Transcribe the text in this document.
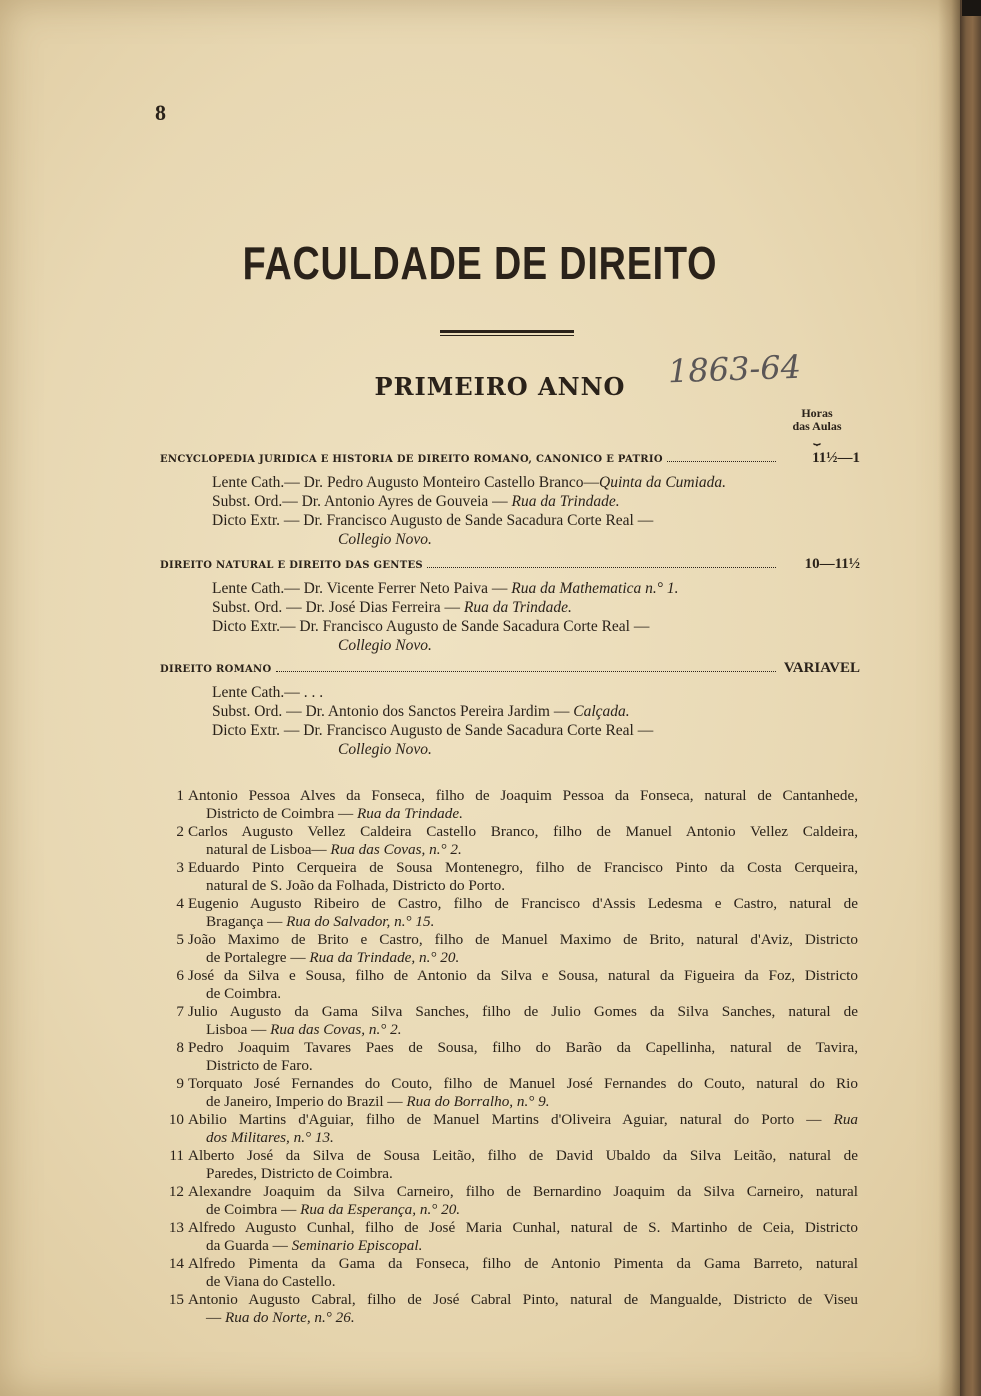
8
FACULDADE DE DIREITO
1863-64
PRIMEIRO ANNO
Horas
das Aulas
⏟
ENCYCLOPEDIA JURIDICA E HISTORIA DE DIREITO ROMANO, CANONICO E PATRIO	11½—1
Lente Cath.— Dr. Pedro Augusto Monteiro Castello Branco—Quinta da Cumiada.
Subst. Ord.— Dr. Antonio Ayres de Gouveia — Rua da Trindade.
Dicto Extr. — Dr. Francisco Augusto de Sande Sacadura Corte Real —
Collegio Novo.
DIREITO NATURAL E DIREITO DAS GENTES	10—11½
Lente Cath.— Dr. Vicente Ferrer Neto Paiva — Rua da Mathematica n.° 1.
Subst. Ord. — Dr. José Dias Ferreira — Rua da Trindade.
Dicto Extr.— Dr. Francisco Augusto de Sande Sacadura Corte Real —
Collegio Novo.
DIREITO ROMANO	VARIAVEL
Lente Cath.— . . .
Subst. Ord. — Dr. Antonio dos Sanctos Pereira Jardim — Calçada.
Dicto Extr. — Dr. Francisco Augusto de Sande Sacadura Corte Real —
Collegio Novo.
1 Antonio Pessoa Alves da Fonseca, filho de Joaquim Pessoa da Fonseca, natural de Cantanhede,
Districto de Coimbra — Rua da Trindade.
2 Carlos Augusto Vellez Caldeira Castello Branco, filho de Manuel Antonio Vellez Caldeira,
natural de Lisboa— Rua das Covas, n.° 2.
3 Eduardo Pinto Cerqueira de Sousa Montenegro, filho de Francisco Pinto da Costa Cerqueira,
natural de S. João da Folhada, Districto do Porto.
4 Eugenio Augusto Ribeiro de Castro, filho de Francisco d'Assis Ledesma e Castro, natural de
Bragança — Rua do Salvador, n.° 15.
5 João Maximo de Brito e Castro, filho de Manuel Maximo de Brito, natural d'Aviz, Districto
de Portalegre — Rua da Trindade, n.° 20.
6 José da Silva e Sousa, filho de Antonio da Silva e Sousa, natural da Figueira da Foz, Districto
de Coimbra.
7 Julio Augusto da Gama Silva Sanches, filho de Julio Gomes da Silva Sanches, natural de
Lisboa — Rua das Covas, n.° 2.
8 Pedro Joaquim Tavares Paes de Sousa, filho do Barão da Capellinha, natural de Tavira,
Districto de Faro.
9 Torquato José Fernandes do Couto, filho de Manuel José Fernandes do Couto, natural do Rio
de Janeiro, Imperio do Brazil — Rua do Borralho, n.° 9.
10 Abilio Martins d'Aguiar, filho de Manuel Martins d'Oliveira Aguiar, natural do Porto — Rua
dos Militares, n.° 13.
11 Alberto José da Silva de Sousa Leitão, filho de David Ubaldo da Silva Leitão, natural de
Paredes, Districto de Coimbra.
12 Alexandre Joaquim da Silva Carneiro, filho de Bernardino Joaquim da Silva Carneiro, natural
de Coimbra — Rua da Esperança, n.° 20.
13 Alfredo Augusto Cunhal, filho de José Maria Cunhal, natural de S. Martinho de Ceia, Districto
da Guarda — Seminario Episcopal.
14 Alfredo Pimenta da Gama da Fonseca, filho de Antonio Pimenta da Gama Barreto, natural
de Viana do Castello.
15 Antonio Augusto Cabral, filho de José Cabral Pinto, natural de Mangualde, Districto de Viseu
— Rua do Norte, n.° 26.
